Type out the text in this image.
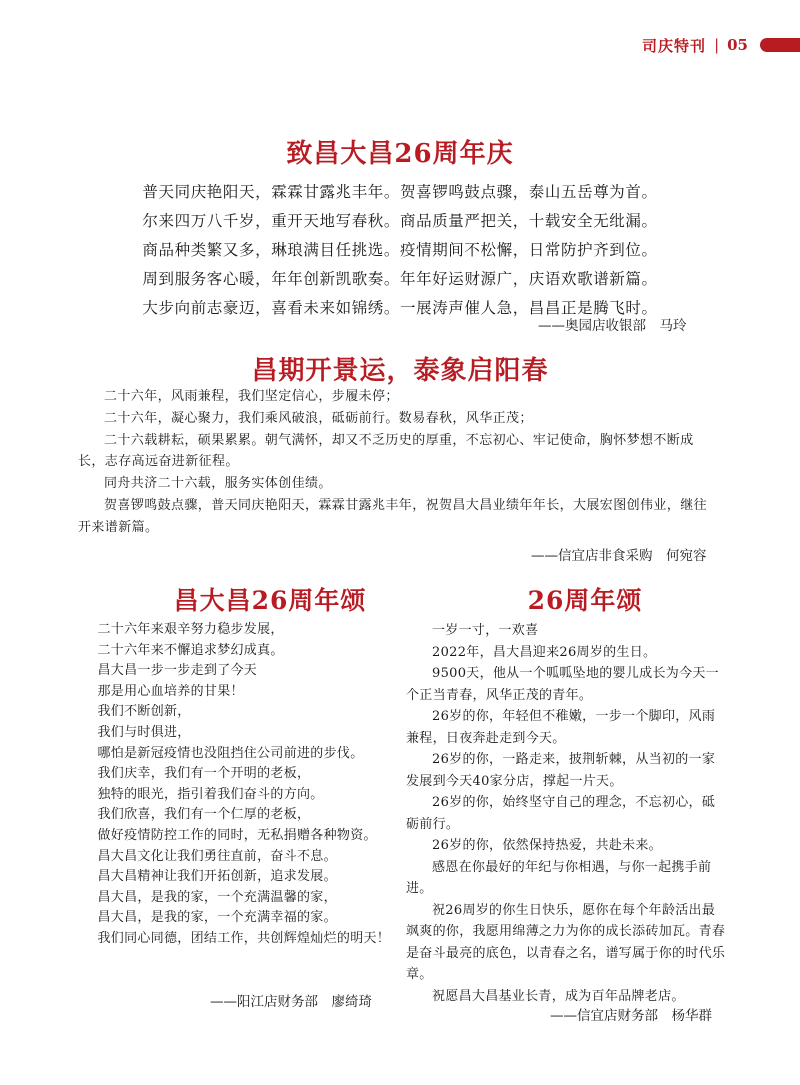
司庆特刊 | 05
致昌大昌26周年庆
普天同庆艳阳天，霖霖甘露兆丰年。贺喜锣鸣鼓点骤，泰山五岳尊为首。
尔来四万八千岁，重开天地写春秋。商品质量严把关，十载安全无纰漏。
商品种类繁又多，琳琅满目任挑选。疫情期间不松懈，日常防护齐到位。
周到服务客心暖，年年创新凯歌奏。年年好运财源广，庆语欢歌谱新篇。
大步向前志豪迈，喜看未来如锦绣。一展涛声催人急，昌昌正是腾飞时。
——奥园店收银部　马玲
昌期开景运，泰象启阳春

二十六年，风雨兼程，我们坚定信心，步履未停；

二十六年，凝心聚力，我们乘风破浪，砥砺前行。数易春秋，风华正茂；

二十六载耕耘，硕果累累。朝气满怀，却又不乏历史的厚重，不忘初心、牢记使命，胸怀梦想不断成长，志存高远奋进新征程。

同舟共济二十六载，服务实体创佳绩。

贺喜锣鸣鼓点骤，普天同庆艳阳天，霖霖甘露兆丰年，祝贺昌大昌业绩年年长，大展宏图创伟业，继往开来谱新篇。

——信宜店非食采购　何宛容
昌大昌26周年颂

二十六年来艰辛努力稳步发展，

二十六年来不懈追求梦幻成真。

昌大昌一步一步走到了今天

那是用心血培养的甘果！

我们不断创新，

我们与时俱进，

哪怕是新冠疫情也没阻挡住公司前进的步伐。

我们庆幸，我们有一个开明的老板，

独特的眼光，指引着我们奋斗的方向。

我们欣喜，我们有一个仁厚的老板，

做好疫情防控工作的同时，无私捐赠各种物资。

昌大昌文化让我们勇往直前，奋斗不息。

昌大昌精神让我们开拓创新，追求发展。

昌大昌，是我的家，一个充满温馨的家，

昌大昌，是我的家，一个充满幸福的家。

我们同心同德，团结工作，共创辉煌灿烂的明天！

——阳江店财务部　廖绮琦
26周年颂

一岁一寸，一欢喜

2022年，昌大昌迎来26周岁的生日。

9500天，他从一个呱呱坠地的婴儿成长为今天一个正当青春，风华正茂的青年。

26岁的你，年轻但不稚嫩，一步一个脚印，风雨兼程，日夜奔赴走到今天。

26岁的你，一路走来，披荆斩棘，从当初的一家发展到今天40家分店，撑起一片天。

26岁的你，始终坚守自己的理念，不忘初心，砥砺前行。

26岁的你，依然保持热爱，共赴未来。

感恩在你最好的年纪与你相遇，与你一起携手前进。

祝26周岁的你生日快乐，愿你在每个年龄活出最飒爽的你，我愿用绵薄之力为你的成长添砖加瓦。青春是奋斗最亮的底色，以青春之名，谱写属于你的时代乐章。

祝愿昌大昌基业长青，成为百年品牌老店。

——信宜店财务部　杨华群
